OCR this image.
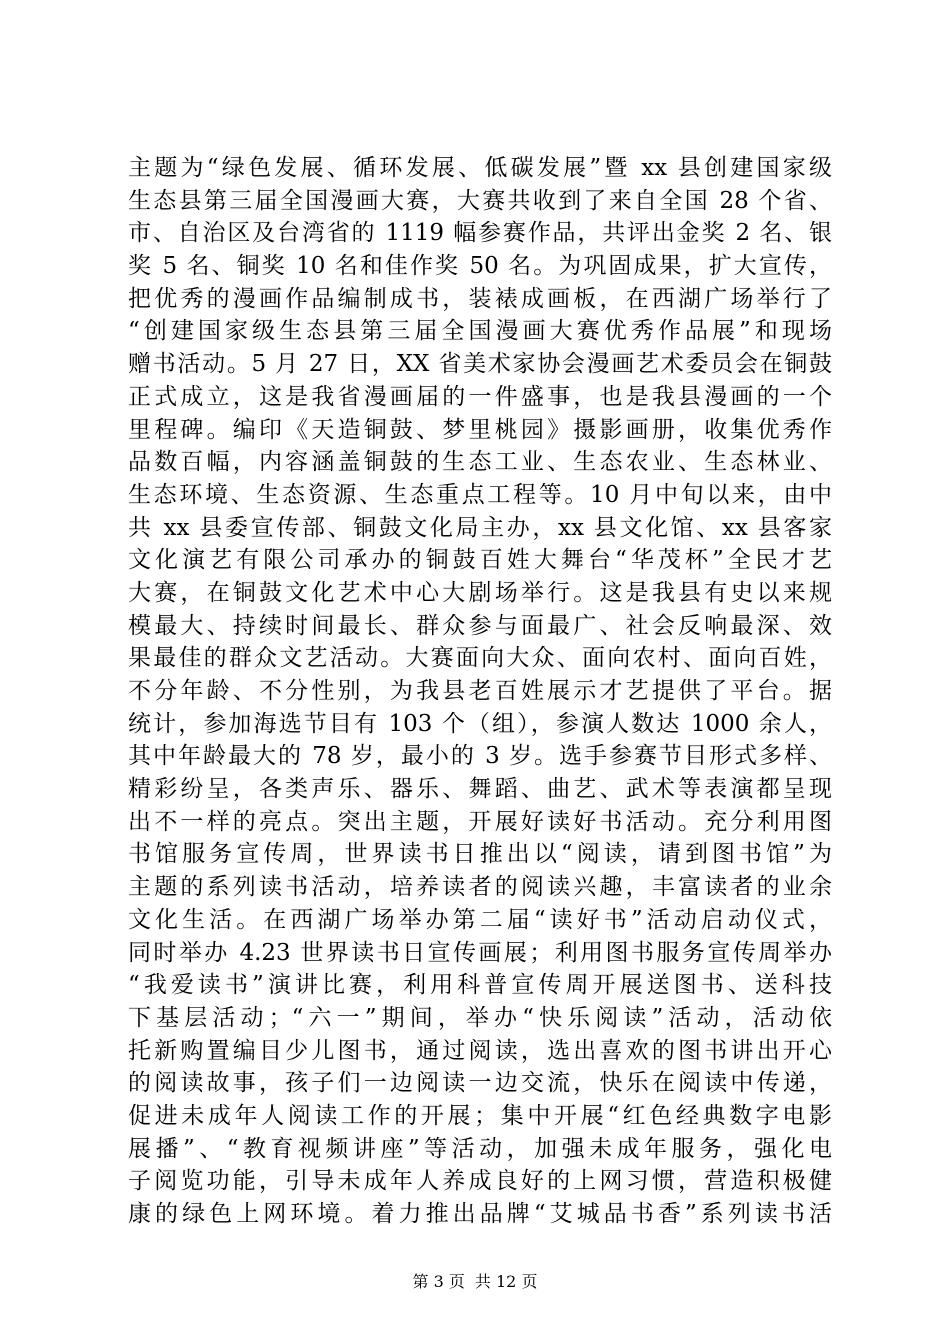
主题为“绿色发展、循环发展、低碳发展”暨 xx 县创建国家级
生态县第三届全国漫画大赛，大赛共收到了来自全国 28 个省、
市、自治区及台湾省的 1119 幅参赛作品，共评出金奖 2 名、银
奖 5 名、铜奖 10 名和佳作奖 50 名。为巩固成果，扩大宣传，
把优秀的漫画作品编制成书，装裱成画板，在西湖广场举行了
“创建国家级生态县第三届全国漫画大赛优秀作品展”和现场
赠书活动。5 月 27 日，XX 省美术家协会漫画艺术委员会在铜鼓
正式成立，这是我省漫画届的一件盛事，也是我县漫画的一个
里程碑。编印《天造铜鼓、梦里桃园》摄影画册，收集优秀作
品数百幅，内容涵盖铜鼓的生态工业、生态农业、生态林业、
生态环境、生态资源、生态重点工程等。10 月中旬以来，由中
共 xx 县委宣传部、铜鼓文化局主办，xx 县文化馆、xx 县客家
文化演艺有限公司承办的铜鼓百姓大舞台“华茂杯”全民才艺
大赛，在铜鼓文化艺术中心大剧场举行。这是我县有史以来规
模最大、持续时间最长、群众参与面最广、社会反响最深、效
果最佳的群众文艺活动。大赛面向大众、面向农村、面向百姓，
不分年龄、不分性别，为我县老百姓展示才艺提供了平台。据
统计，参加海选节目有 103 个（组），参演人数达 1000 余人，
其中年龄最大的 78 岁，最小的 3 岁。选手参赛节目形式多样、
精彩纷呈，各类声乐、器乐、舞蹈、曲艺、武术等表演都呈现
出不一样的亮点。突出主题，开展好读好书活动。充分利用图
书馆服务宣传周，世界读书日推出以“阅读，请到图书馆”为
主题的系列读书活动，培养读者的阅读兴趣，丰富读者的业余
文化生活。在西湖广场举办第二届“读好书”活动启动仪式，
同时举办 4.23 世界读书日宣传画展；利用图书服务宣传周举办
“我爱读书”演讲比赛，利用科普宣传周开展送图书、送科技
下基层活动；“六一”期间，举办“快乐阅读”活动，活动依
托新购置编目少儿图书，通过阅读，选出喜欢的图书讲出开心
的阅读故事，孩子们一边阅读一边交流，快乐在阅读中传递，
促进未成年人阅读工作的开展；集中开展“红色经典数字电影
展播”、“教育视频讲座”等活动，加强未成年服务，强化电
子阅览功能，引导未成年人养成良好的上网习惯，营造积极健
康的绿色上网环境。着力推出品牌“艾城品书香”系列读书活
第 3 页 共 12 页
